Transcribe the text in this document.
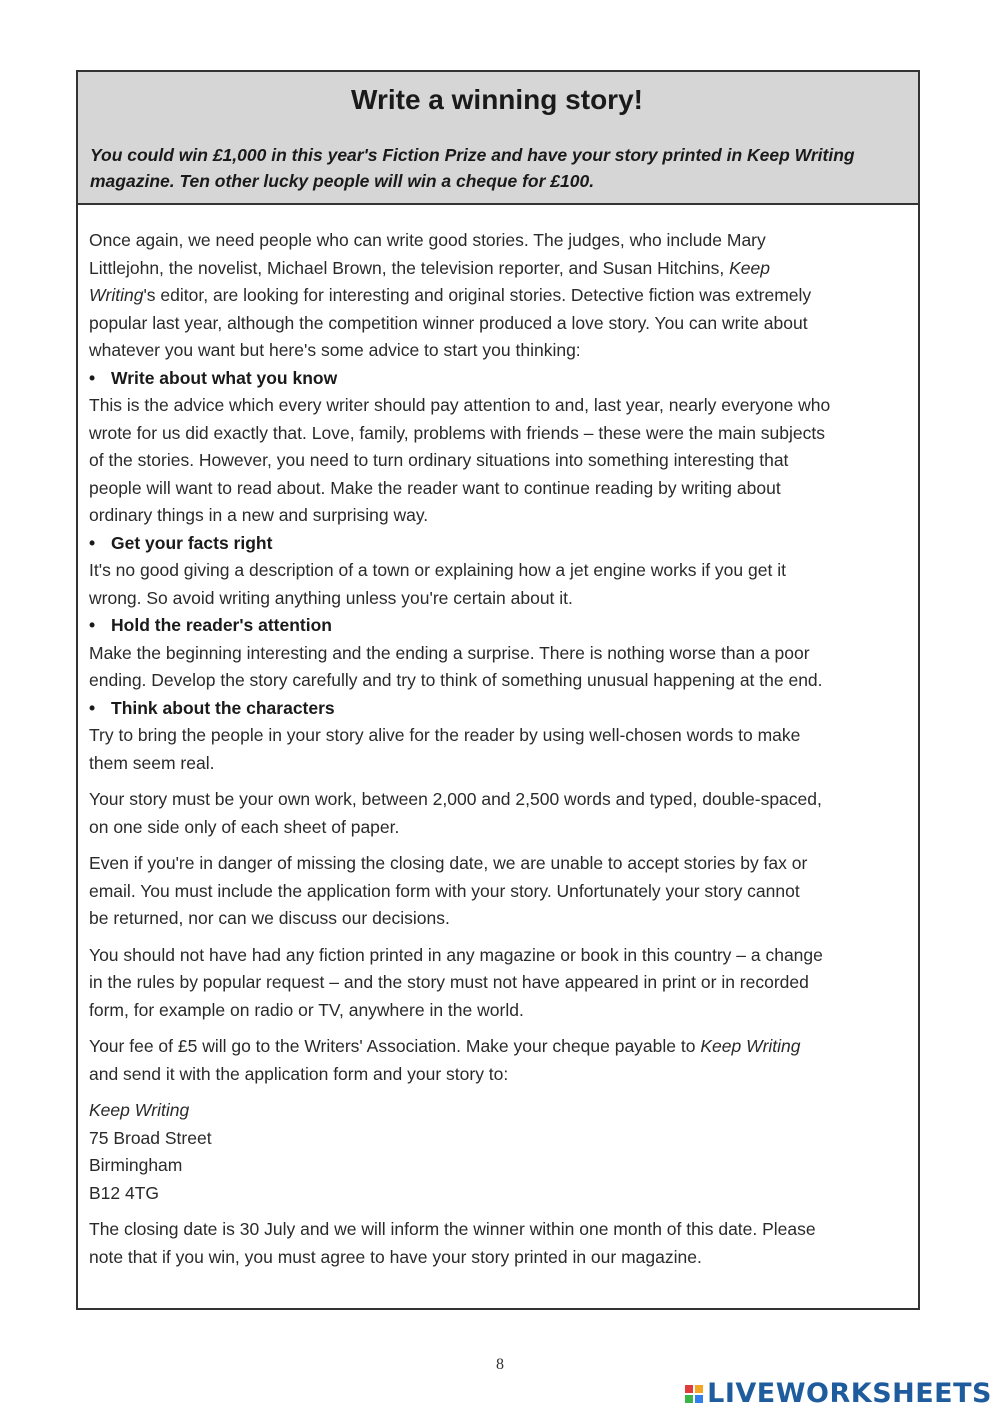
Write a winning story!

You could win £1,000 in this year's Fiction Prize and have your story printed in Keep Writing magazine. Ten other lucky people will win a cheque for £100.

Once again, we need people who can write good stories. The judges, who include Mary

Littlejohn, the novelist, Michael Brown, the television reporter, and Susan Hitchins, Keep

Writing's editor, are looking for interesting and original stories. Detective fiction was extremely

popular last year, although the competition winner produced a love story. You can write about

whatever you want but here's some advice to start you thinking:

• Write about what you know

This is the advice which every writer should pay attention to and, last year, nearly everyone who

wrote for us did exactly that. Love, family, problems with friends – these were the main subjects

of the stories. However, you need to turn ordinary situations into something interesting that

people will want to read about. Make the reader want to continue reading by writing about

ordinary things in a new and surprising way.

• Get your facts right

It's no good giving a description of a town or explaining how a jet engine works if you get it

wrong. So avoid writing anything unless you're certain about it.

• Hold the reader's attention

Make the beginning interesting and the ending a surprise. There is nothing worse than a poor

ending. Develop the story carefully and try to think of something unusual happening at the end.

• Think about the characters

Try to bring the people in your story alive for the reader by using well-chosen words to make

them seem real.

Your story must be your own work, between 2,000 and 2,500 words and typed, double-spaced,

on one side only of each sheet of paper.

Even if you're in danger of missing the closing date, we are unable to accept stories by fax or

email. You must include the application form with your story. Unfortunately your story cannot

be returned, nor can we discuss our decisions.

You should not have had any fiction printed in any magazine or book in this country – a change

in the rules by popular request – and the story must not have appeared in print or in recorded

form, for example on radio or TV, anywhere in the world.

Your fee of £5 will go to the Writers' Association. Make your cheque payable to Keep Writing

and send it with the application form and your story to:

Keep Writing

75 Broad Street

Birmingham

B12 4TG

The closing date is 30 July and we will inform the winner within one month of this date. Please

note that if you win, you must agree to have your story printed in our magazine.

8
LIVEWORKSHEETS
